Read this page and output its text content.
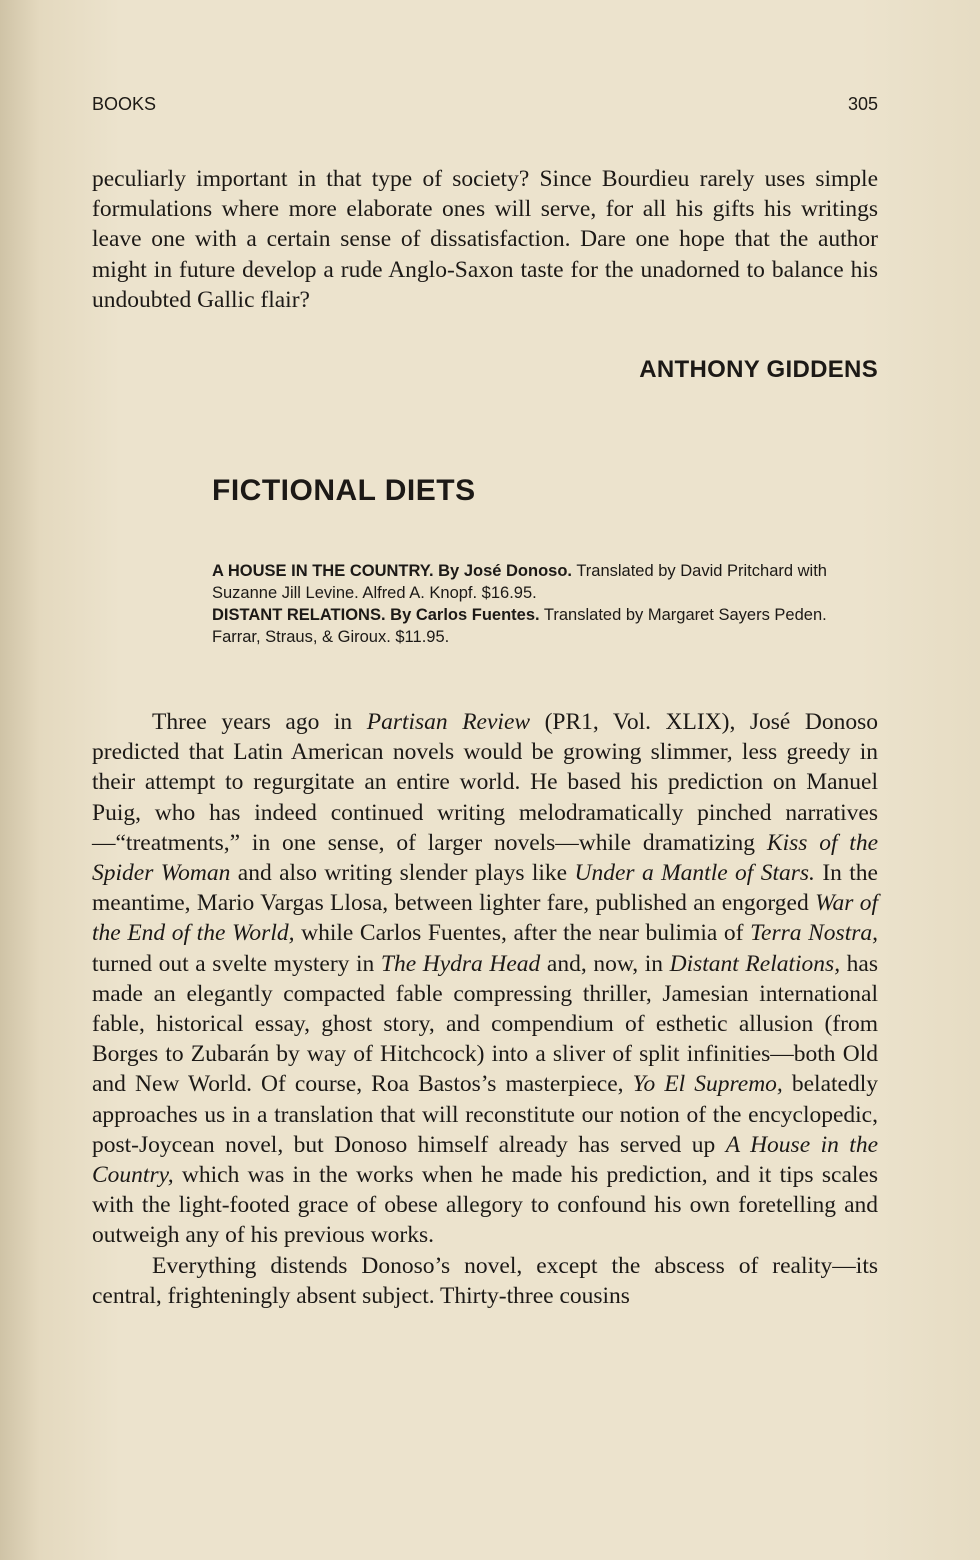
BOOKS	305

peculiarly important in that type of society? Since Bourdieu rarely uses simple formulations where more elaborate ones will serve, for all his gifts his writings leave one with a certain sense of dissatisfaction. Dare one hope that the author might in future develop a rude Anglo-Saxon taste for the unadorned to balance his undoubted Gallic flair?

ANTHONY GIDDENS
FICTIONAL DIETS

A HOUSE IN THE COUNTRY. By José Donoso. Translated by David Pritchard with Suzanne Jill Levine. Alfred A. Knopf. $16.95.

DISTANT RELATIONS. By Carlos Fuentes. Translated by Margaret Sayers Peden. Farrar, Straus, & Giroux. $11.95.

Three years ago in Partisan Review (PR1, Vol. XLIX), José Donoso predicted that Latin American novels would be growing slimmer, less greedy in their attempt to regurgitate an entire world. He based his prediction on Manuel Puig, who has indeed continued writing melodramatically pinched narratives—“treatments,” in one sense, of larger novels—while dramatizing Kiss of the Spider Woman and also writing slender plays like Under a Mantle of Stars. In the meantime, Mario Vargas Llosa, between lighter fare, published an engorged War of the End of the World, while Carlos Fuentes, after the near bulimia of Terra Nostra, turned out a svelte mystery in The Hydra Head and, now, in Distant Relations, has made an elegantly compacted fable compressing thriller, Jamesian international fable, historical essay, ghost story, and compendium of esthetic allusion (from Borges to Zubarán by way of Hitchcock) into a sliver of split infinities—both Old and New World. Of course, Roa Bastos’s masterpiece, Yo El Supremo, belatedly approaches us in a translation that will reconstitute our notion of the encyclopedic, post-Joycean novel, but Donoso himself already has served up A House in the Country, which was in the works when he made his prediction, and it tips scales with the light-footed grace of obese allegory to confound his own foretelling and outweigh any of his previous works.

Everything distends Donoso’s novel, except the abscess of reality—its central, frighteningly absent subject. Thirty-three cousins
